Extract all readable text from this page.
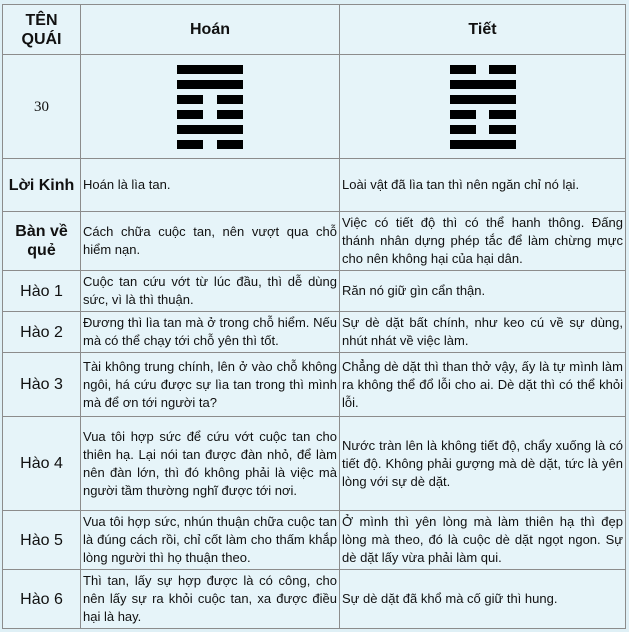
TÊN QUÁI	Hoán	Tiết
30	

Lời Kinh	Hoán là lìa tan.	Loài vật đã lìa tan thì nên ngăn chỉ nó lại.
Bàn về quẻ	Cách chữa cuộc tan, nên vượt qua chỗ hiểm nạn.	Việc có tiết độ thì có thể hanh thông. Đấng thánh nhân dựng phép tắc để làm chừng mực cho nên không hại của hại dân.
Hào 1	Cuộc tan cứu vớt từ lúc đầu, thì dễ dùng sức, vì là thì thuận.	Răn nó giữ gìn cẩn thận.
Hào 2	Đương thì lìa tan mà ở trong chỗ hiểm. Nếu mà có thể chạy tới chỗ yên thì tốt.	Sự dè dặt bất chính, như keo cú về sự dùng, nhút nhát về việc làm.
Hào 3	Tài không trung chính, lên ở vào chỗ không ngôi, há cứu được sự lìa tan trong thì mình mà để ơn tới người ta?	Chẳng dè dặt thì than thở vậy, ấy là tự mình làm ra không thể đổ lỗi cho ai. Dè dặt thì có thể khỏi lỗi.
Hào 4	Vua tôi hợp sức để cứu vớt cuộc tan cho thiên hạ. Lại nói tan được đàn nhỏ, để làm nên đàn lớn, thì đó không phải là việc mà người tầm thường nghĩ được tới nơi.	Nước tràn lên là không tiết độ, chẩy xuống là có tiết độ. Không phải gượng mà dè dặt, tức là yên lòng với sự dè dặt.
Hào 5	Vua tôi hợp sức, nhún thuận chữa cuộc tan là đúng cách rồi, chỉ cốt làm cho thấm khắp lòng người thì họ thuận theo.	Ở mình thì yên lòng mà làm thiên hạ thì đẹp lòng mà theo, đó là cuộc dè dặt ngọt ngon. Sự dè dặt lấy vừa phải làm qui.
Hào 6	Thì tan, lấy sự hợp được là có công, cho nên lấy sự ra khỏi cuộc tan, xa được điều hại là hay.	Sự dè dặt đã khổ mà cố giữ thì hung.
